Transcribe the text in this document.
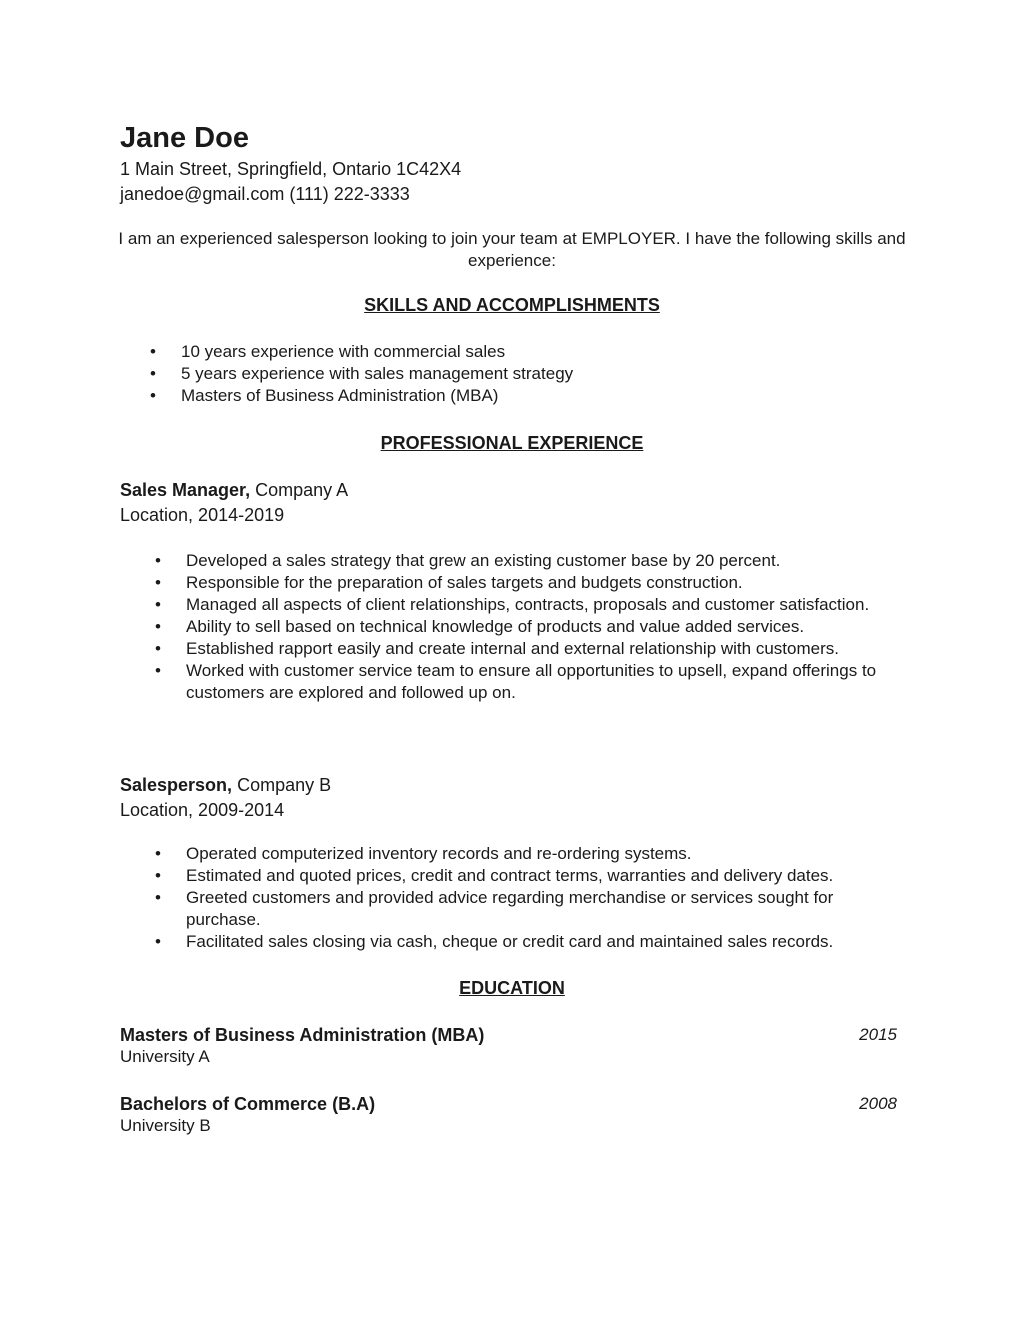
Jane Doe
1 Main Street, Springfield, Ontario 1C42X4
janedoe@gmail.com (111) 222-3333
I am an experienced salesperson looking to join your team at EMPLOYER. I have the following skills and experience:
SKILLS AND ACCOMPLISHMENTS
• 10 years experience with commercial sales
• 5 years experience with sales management strategy
• Masters of Business Administration (MBA)
PROFESSIONAL EXPERIENCE
Sales Manager, Company A
Location, 2014-2019
• Developed a sales strategy that grew an existing customer base by 20 percent.
• Responsible for the preparation of sales targets and budgets construction.
• Managed all aspects of client relationships, contracts, proposals and customer satisfaction.
• Ability to sell based on technical knowledge of products and value added services.
• Established rapport easily and create internal and external relationship with customers.
• Worked with customer service team to ensure all opportunities to upsell, expand offerings to customers are explored and followed up on.
Salesperson, Company B
Location, 2009-2014
• Operated computerized inventory records and re-ordering systems.
• Estimated and quoted prices, credit and contract terms, warranties and delivery dates.
• Greeted customers and provided advice regarding merchandise or services sought for purchase.
• Facilitated sales closing via cash, cheque or credit card and maintained sales records.
EDUCATION
Masters of Business Administration (MBA)	2015
University A
Bachelors of Commerce (B.A)	2008
University B
